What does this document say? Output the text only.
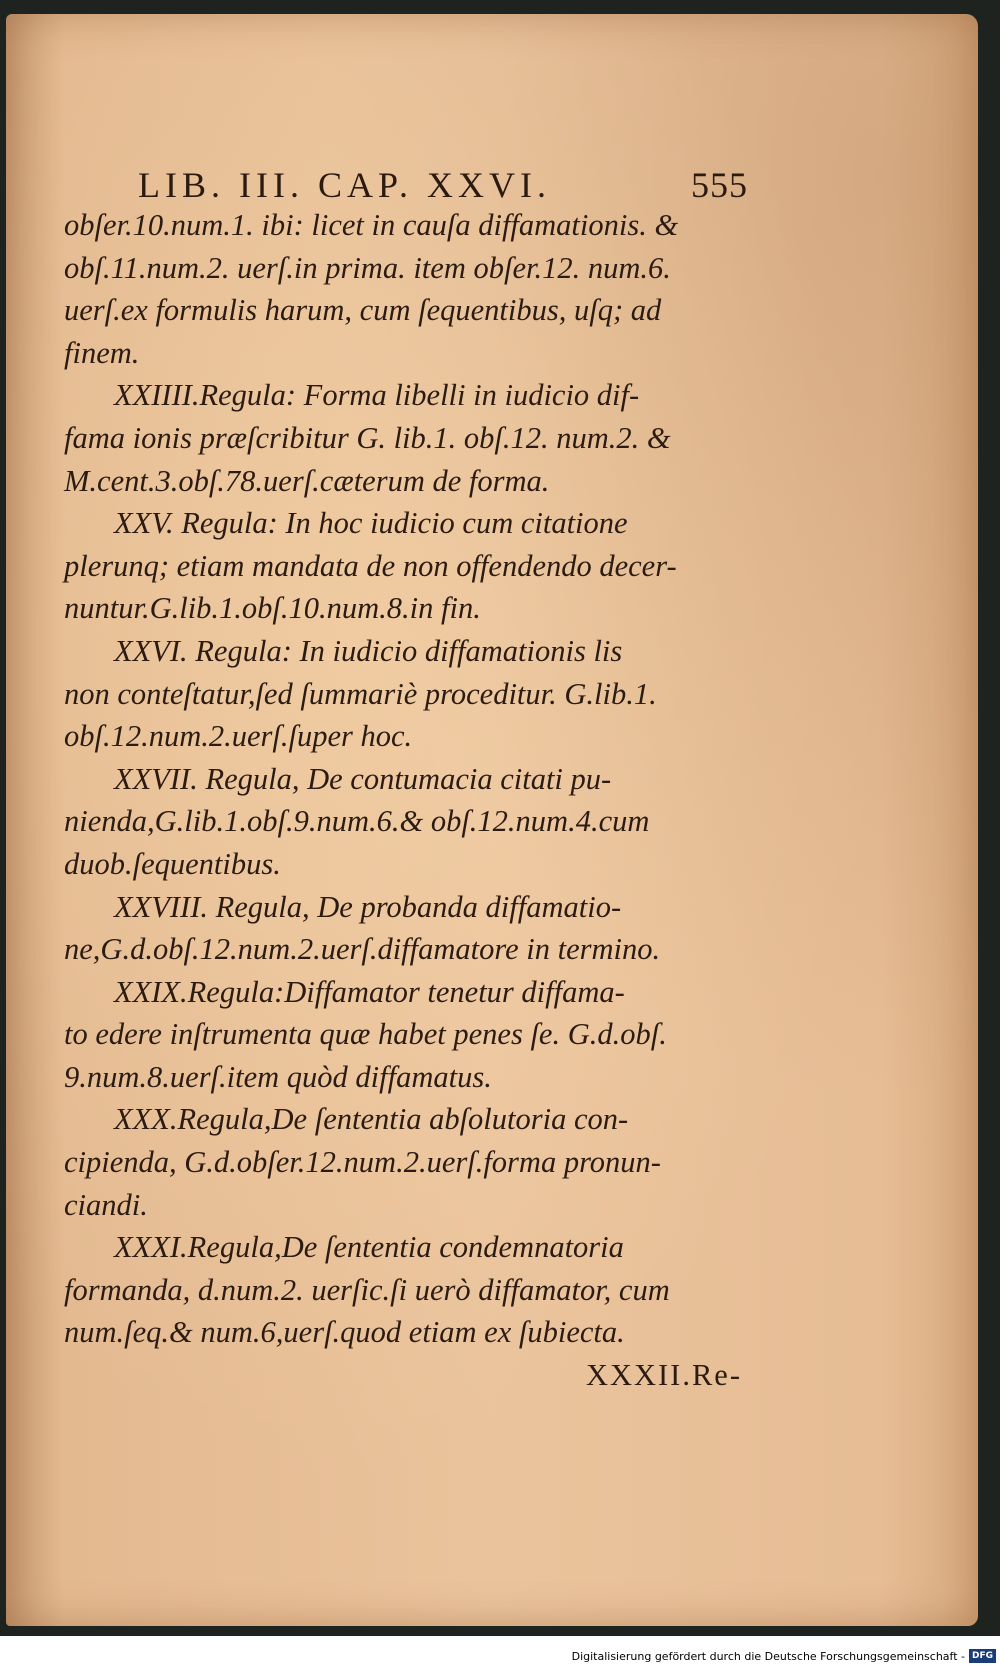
LIB. III. CAP. XXVI.	555
obſer.10.num.1. ibi: licet in cauſa diffamationis. &
obſ.11.num.2. uerſ.in prima. item obſer.12. num.6.
uerſ.ex formulis harum, cum ſequentibus, uſq; ad
finem.
XXIIII.Regula: Forma libelli in iudicio dif-
fama ionis præſcribitur G. lib.1. obſ.12. num.2. &
M.cent.3.obſ.78.uerſ.cæterum de forma.
XXV. Regula: In hoc iudicio cum citatione
plerunq; etiam mandata de non offendendo decer-
nuntur.G.lib.1.obſ.10.num.8.in fin.
XXVI. Regula: In iudicio diffamationis lis
non conteſtatur,ſed ſummariè proceditur. G.lib.1.
obſ.12.num.2.uerſ.ſuper hoc.
XXVII. Regula, De contumacia citati pu-
nienda,G.lib.1.obſ.9.num.6.& obſ.12.num.4.cum
duob.ſequentibus.
XXVIII. Regula, De probanda diffamatio-
ne,G.d.obſ.12.num.2.uerſ.diffamatore in termino.
XXIX.Regula:Diffamator tenetur diffama-
to edere inſtrumenta quæ habet penes ſe. G.d.obſ.
9.num.8.uerſ.item quòd diffamatus.
XXX.Regula,De ſententia abſolutoria con-
cipienda, G.d.obſer.12.num.2.uerſ.forma pronun-
ciandi.
XXXI.Regula,De ſententia condemnatoria
formanda, d.num.2. uerſic.ſi uerò diffamator, cum
num.ſeq.& num.6,uerſ.quod etiam ex ſubiecta.
XXXII.Re-
Digitalisierung gefördert durch die Deutsche Forschungsgemeinschaft - DFG
